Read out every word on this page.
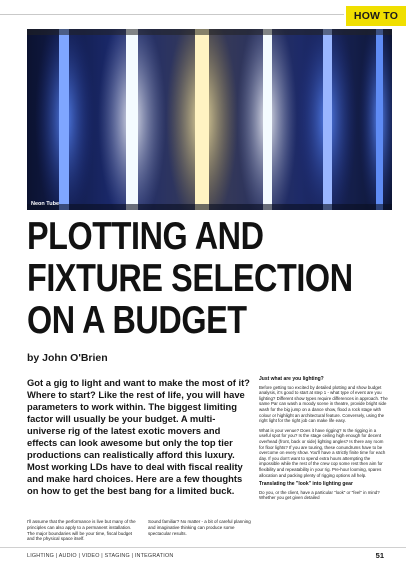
HOW TO
Neon Tube
PLOTTING AND
FIXTURE SELECTION
ON A BUDGET
by John O'Brien

Got a gig to light and want to make the most of it? Where to start? Like the rest of life, you will have parameters to work within. The biggest limiting factor will usually be your budget. A multi-universe rig of the latest exotic movers and effects can look awesome but only the top tier productions can realistically afford this luxury. Most working LDs have to deal with fiscal reality and make hard choices. Here are a few thoughts on how to get the best bang for a limited buck.

I'll assume that the performance is live but many of the principles can also apply to a permanent installation. The major boundaries will be your time, fiscal budget and the physical space itself.
Sound familiar? No matter - a bit of careful planning and imaginative thinking can produce some spectacular results.
Just what are you lighting?

Before getting too excited by detailed plotting and show budget analysis, it's good to start at step 1 - what type of event are you lighting? Different show types require differences in approach. The same Par can wash a moody scene in theatre, provide bright side wash for the big jump on a dance show, flood a rock stage with colour or highlight an architectural feature. Conversely, using the right light for the right job can make life easy.

What is your venue? Does it have rigging? Is the rigging in a useful spot for you? Is the stage ceiling high enough for decent overhead (front, back or side) lighting angles? Is there any room for floor lights? If you are touring, these conundrums have to be overcome on every show. You'll have a strictly finite time for each day. If you don't want to spend extra hours attempting the impossible while the rest of the crew cop some rest then aim for flexibility and repeatability in your rig. Pre-hour looming, spares allocation and packing plenty of rigging options all help.

Translating the "look" into lighting gear

Do you, or the client, have a particular "look" or "feel" in mind? Whether you get given detailed

LIGHTING | AUDIO | VIDEO | STAGING | INTEGRATION	51
